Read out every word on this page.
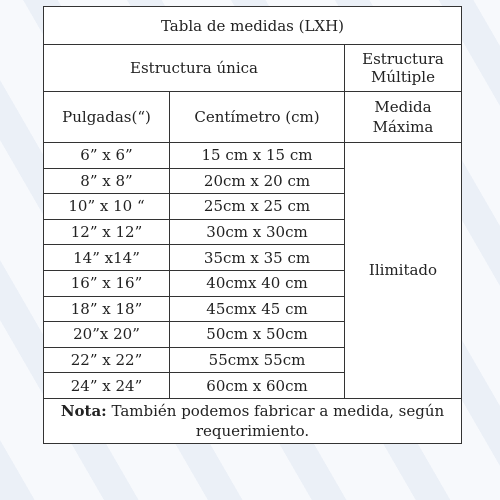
Tabla de medidas (LXH)		
Estructura única		Estructura Múltiple
Pulgadas(“)	Centímetro (cm)	Medida Máxima
6” x 6”	15 cm x 15 cm	Ilimitado
8” x 8”	20cm x 20 cm	
10” x 10 “	25cm x 25 cm	
12” x 12”	30cm x 30cm	
14” x14”	35cm x 35 cm	
16” x 16”	40cmx 40 cm	
18” x 18”	45cmx 45 cm	
20”x 20”	50cm x 50cm	
22” x 22”	55cmx 55cm	
24” x 24”	60cm x 60cm	
Nota: También podemos fabricar a medida, según requerimiento.		
